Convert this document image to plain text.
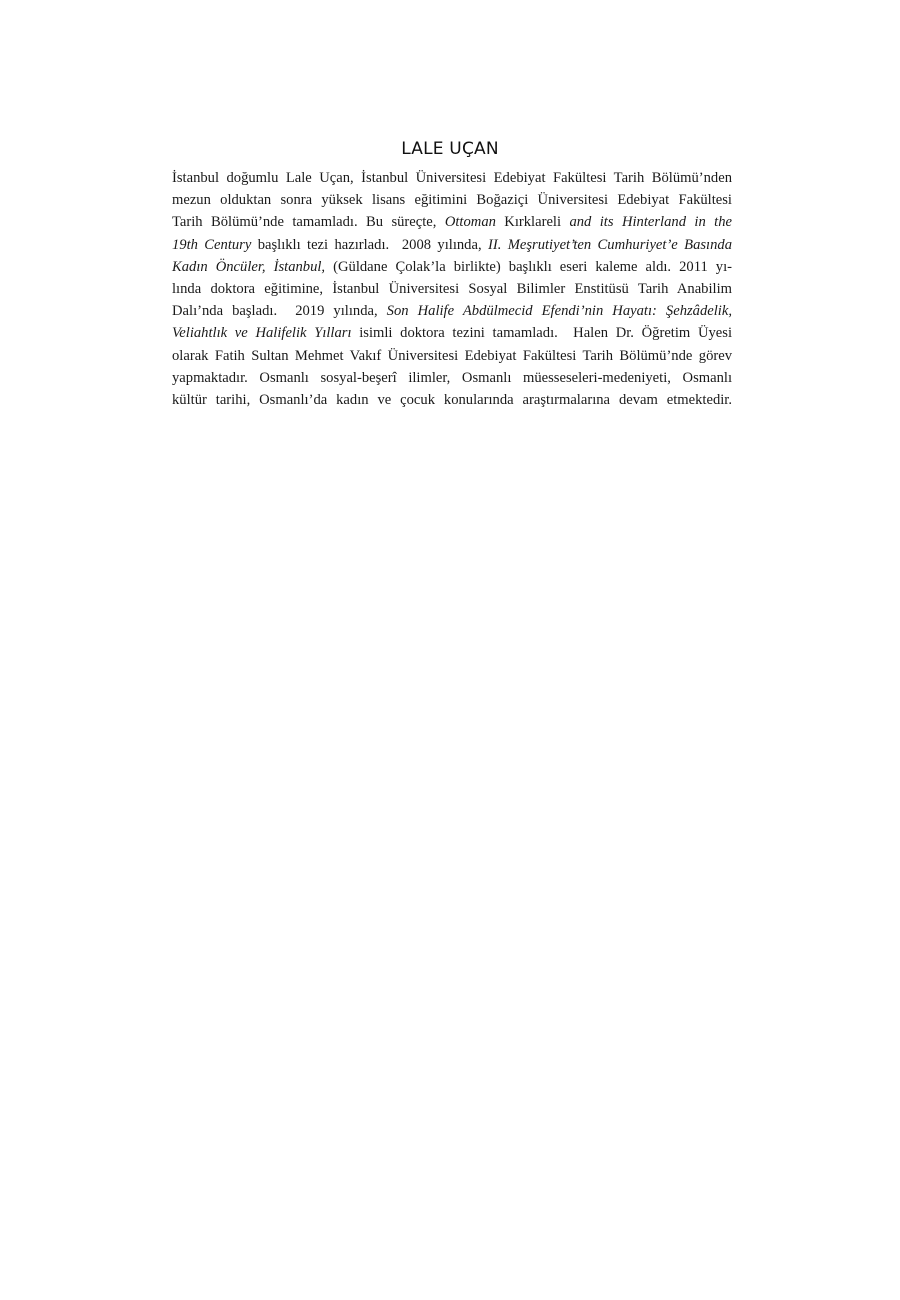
LALE UÇAN
İstanbul doğumlu Lale Uçan, İstanbul Üniversitesi Edebiyat Fakültesi Tarih Bölümü’nden
mezun olduktan sonra yüksek lisans eğitimini Boğaziçi Üniversitesi Edebiyat Fakültesi
Tarih Bölümü’nde tamamladı. Bu süreçte, Ottoman Kırklareli and its Hinterland in the
19th Century başlıklı tezi hazırladı.  2008 yılında, II. Meşrutiyet’ten Cumhuriyet’e Basında
Kadın Öncüler, İstanbul, (Güldane Çolak’la birlikte) başlıklı eseri kaleme aldı. 2011 yı-
lında doktora eğitimine, İstanbul Üniversitesi Sosyal Bilimler Enstitüsü Tarih Anabilim
Dalı’nda başladı.  2019 yılında, Son Halife Abdülmecid Efendi’nin Hayatı: Şehzâdelik,
Veliahtlık ve Halifelik Yılları isimli doktora tezini tamamladı.  Halen Dr. Öğretim Üyesi
olarak Fatih Sultan Mehmet Vakıf Üniversitesi Edebiyat Fakültesi Tarih Bölümü’nde görev
yapmaktadır. Osmanlı sosyal-beşerî ilimler, Osmanlı müesseseleri-medeniyeti, Osmanlı
kültür tarihi, Osmanlı’da kadın ve çocuk konularında araştırmalarına devam etmektedir.
